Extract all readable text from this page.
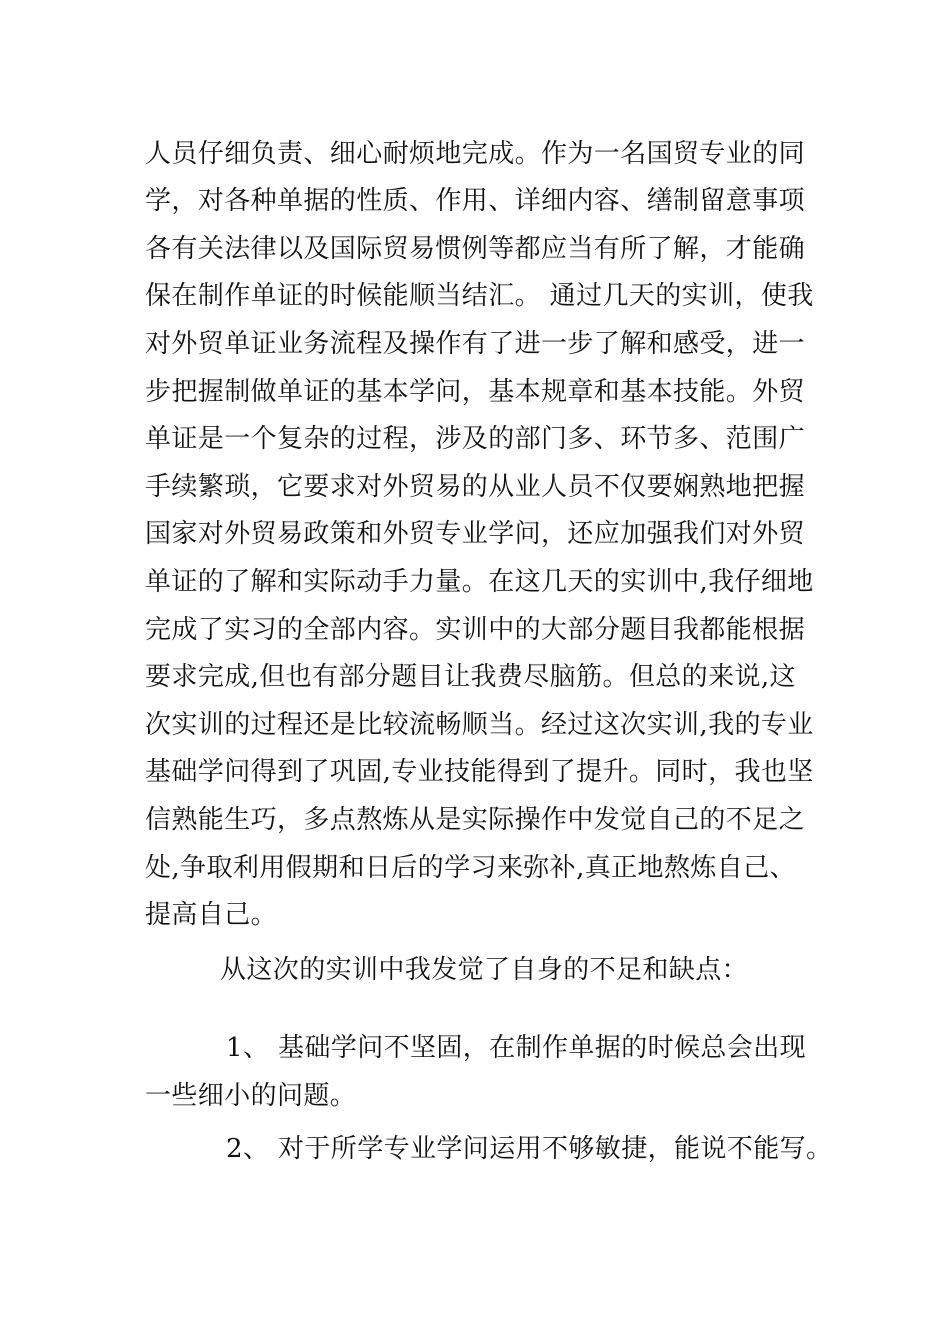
人员仔细负责、细心耐烦地完成。作为一名国贸专业的同
学，对各种单据的性质、作用、详细内容、缮制留意事项
各有关法律以及国际贸易惯例等都应当有所了解，才能确
保在制作单证的时候能顺当结汇。 通过几天的实训，使我
对外贸单证业务流程及操作有了进一步了解和感受，进一
步把握制做单证的基本学问，基本规章和基本技能。外贸
单证是一个复杂的过程，涉及的部门多、环节多、范围广
手续繁琐，它要求对外贸易的从业人员不仅要娴熟地把握
国家对外贸易政策和外贸专业学问，还应加强我们对外贸
单证的了解和实际动手力量。在这几天的实训中,我仔细地
完成了实习的全部内容。实训中的大部分题目我都能根据
要求完成,但也有部分题目让我费尽脑筋。但总的来说,这
次实训的过程还是比较流畅顺当。经过这次实训,我的专业
基础学问得到了巩固,专业技能得到了提升。同时，我也坚
信熟能生巧，多点熬炼从是实际操作中发觉自己的不足之
处,争取利用假期和日后的学习来弥补,真正地熬炼自己、
提高自己。
从这次的实训中我发觉了自身的不足和缺点：
1、 基础学问不坚固，在制作单据的时候总会出现
一些细小的问题。
2、 对于所学专业学问运用不够敏捷，能说不能写。
